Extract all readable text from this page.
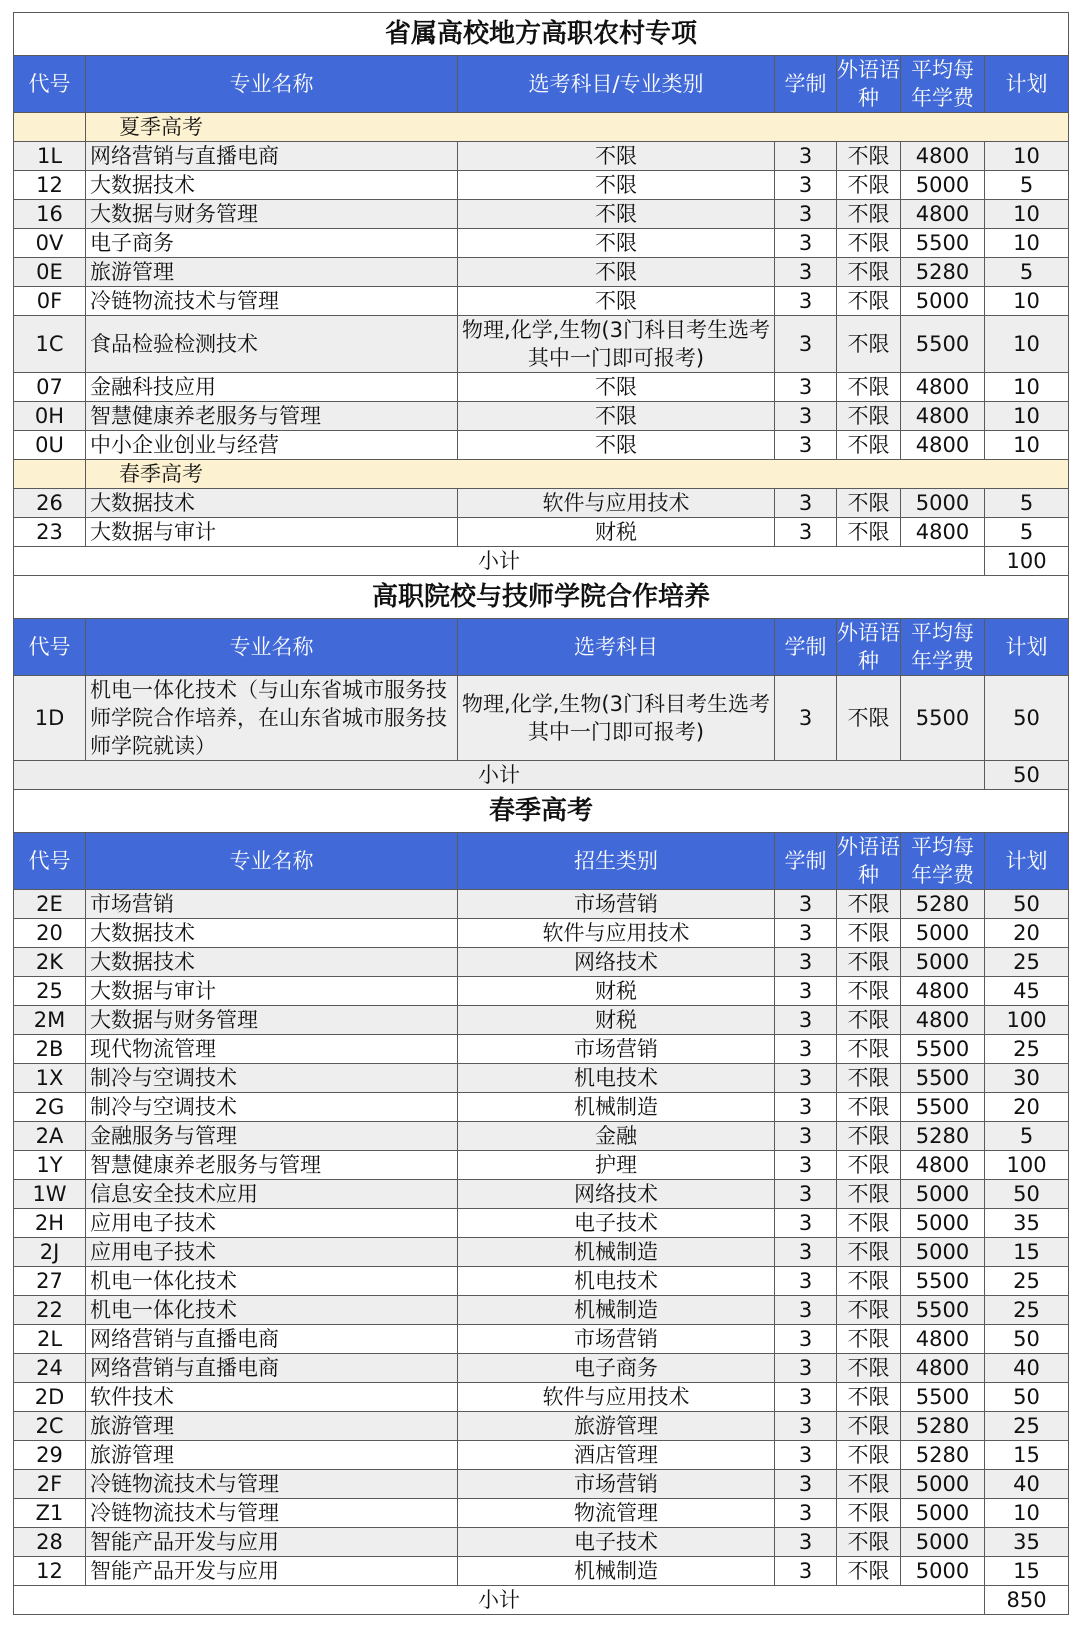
省属高校地方高职农村专项						
代号	专业名称	选考科目/专业类别	学制	外语语种	平均每年学费	计划
	夏季高考					
1L	网络营销与直播电商	不限	3	不限	4800	10
12	大数据技术	不限	3	不限	5000	5
16	大数据与财务管理	不限	3	不限	4800	10
0V	电子商务	不限	3	不限	5500	10
0E	旅游管理	不限	3	不限	5280	5
0F	冷链物流技术与管理	不限	3	不限	5000	10
1C	食品检验检测技术	物理,化学,生物(3门科目考生选考其中一门即可报考)	3	不限	5500	10
07	金融科技应用	不限	3	不限	4800	10
0H	智慧健康养老服务与管理	不限	3	不限	4800	10
0U	中小企业创业与经营	不限	3	不限	4800	10
	春季高考					
26	大数据技术	软件与应用技术	3	不限	5000	5
23	大数据与审计	财税	3	不限	4800	5
小计						100
高职院校与技师学院合作培养						
代号	专业名称	选考科目	学制	外语语种	平均每年学费	计划
1D	机电一体化技术（与山东省城市服务技师学院合作培养，在山东省城市服务技师学院就读）	物理,化学,生物(3门科目考生选考其中一门即可报考)	3	不限	5500	50
小计						50
春季高考						
代号	专业名称	招生类别	学制	外语语种	平均每年学费	计划
2E	市场营销	市场营销	3	不限	5280	50
20	大数据技术	软件与应用技术	3	不限	5000	20
2K	大数据技术	网络技术	3	不限	5000	25
25	大数据与审计	财税	3	不限	4800	45
2M	大数据与财务管理	财税	3	不限	4800	100
2B	现代物流管理	市场营销	3	不限	5500	25
1X	制冷与空调技术	机电技术	3	不限	5500	30
2G	制冷与空调技术	机械制造	3	不限	5500	20
2A	金融服务与管理	金融	3	不限	5280	5
1Y	智慧健康养老服务与管理	护理	3	不限	4800	100
1W	信息安全技术应用	网络技术	3	不限	5000	50
2H	应用电子技术	电子技术	3	不限	5000	35
2J	应用电子技术	机械制造	3	不限	5000	15
27	机电一体化技术	机电技术	3	不限	5500	25
22	机电一体化技术	机械制造	3	不限	5500	25
2L	网络营销与直播电商	市场营销	3	不限	4800	50
24	网络营销与直播电商	电子商务	3	不限	4800	40
2D	软件技术	软件与应用技术	3	不限	5500	50
2C	旅游管理	旅游管理	3	不限	5280	25
29	旅游管理	酒店管理	3	不限	5280	15
2F	冷链物流技术与管理	市场营销	3	不限	5000	40
Z1	冷链物流技术与管理	物流管理	3	不限	5000	10
28	智能产品开发与应用	电子技术	3	不限	5000	35
12	智能产品开发与应用	机械制造	3	不限	5000	15
小计						850
